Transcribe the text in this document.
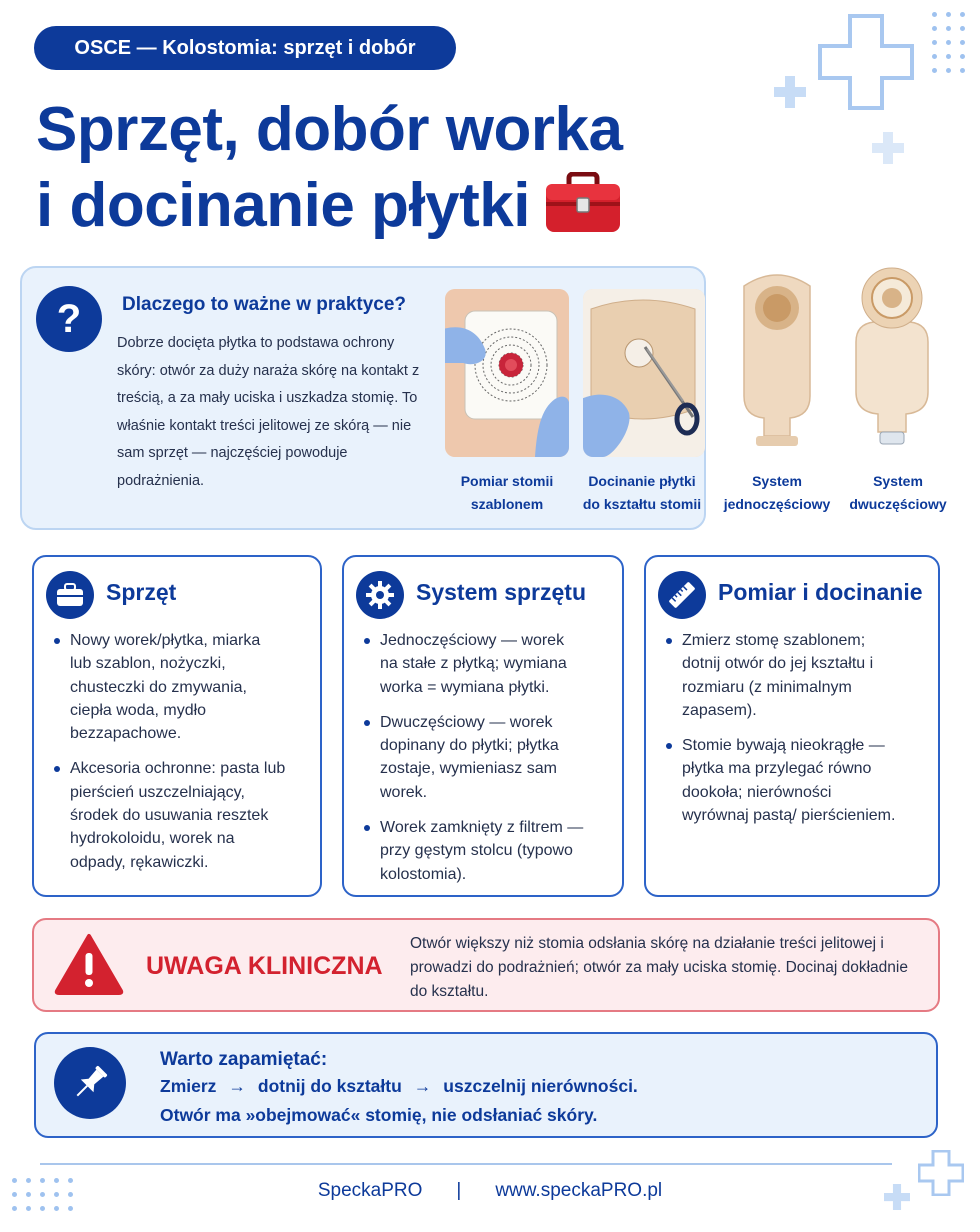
OSCE — Kolostomia: sprzęt i dobór
Sprzęt, dobór worka
i docinanie płytki
?	Dlaczego to ważne w praktyce?
Dobrze docięta płytka to podstawa ochrony skóry: otwór za duży naraża skórę na kontakt z treścią, a za mały uciska i uszkadza stomię. To właśnie kontakt treści jelitowej ze skórą — nie sam sprzęt — najczęściej powoduje podrażnienia.	Pomiar stomii
szablonem
Docinanie płytki
do kształtu stomii
System
jednoczęściowy
System
dwuczęściowy
Sprzęt
Nowy worek/płytka, miarka lub szablon, nożyczki, chusteczki do zmywania, ciepła woda, mydło bezzapachowe.
Akcesoria ochronne: pasta lub pierścień uszczelniający, środek do usuwania resztek hydrokoloidu, worek na odpady, rękawiczki.
System sprzętu
Jednoczęściowy — worek na stałe z płytką; wymiana worka = wymiana płytki.
Dwuczęściowy — worek dopinany do płytki; płytka zostaje, wymieniasz sam worek.
Worek zamknięty z filtrem — przy gęstym stolcu (typowo kolostomia).
Pomiar i docinanie
Zmierz stomę szablonem; dotnij otwór do jej kształtu i rozmiaru (z minimalnym zapasem).
Stomie bywają nieokrągłe — płytka ma przylegać równo dookoła; nierówności wyrównaj pastą/ pierścieniem.
UWAGA KLINICZNA
Otwór większy niż stomia odsłania skórę na działanie treści jelitowej i prowadzi do podrażnień; otwór za mały uciska stomię. Docinaj dokładnie do kształtu.
Warto zapamiętać:
Zmierz → dotnij do kształtu → uszczelnij nierówności.
Otwór ma »obejmować« stomię, nie odsłaniać skóry.
SpeckaPRO | www.speckaPRO.pl
